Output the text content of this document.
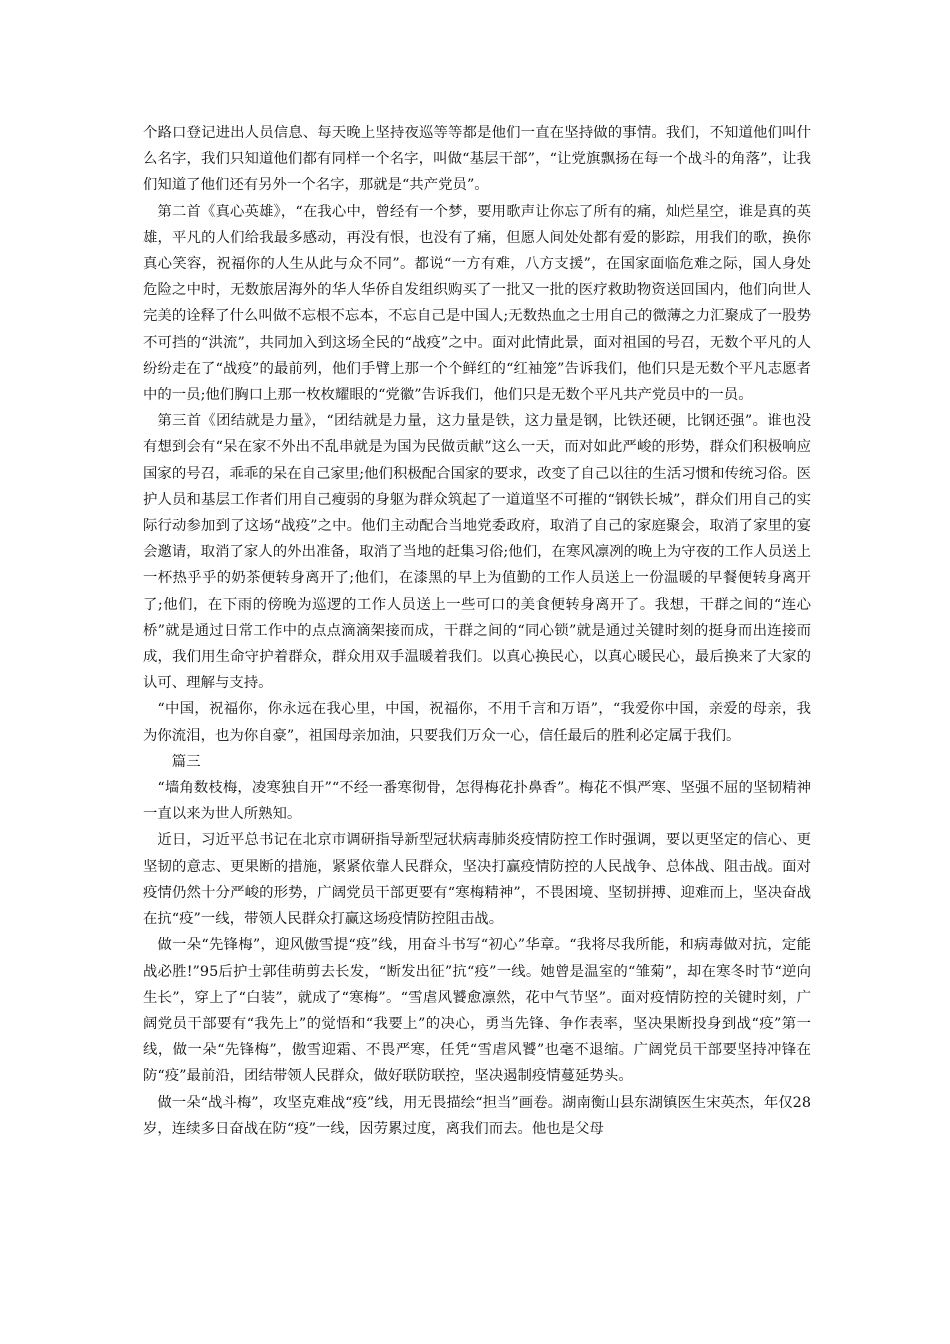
个路口登记进出人员信息、每天晚上坚持夜巡等等都是他们一直在坚持做的事情。我们，不知道他们叫什么名字，我们只知道他们都有同样一个名字，叫做“基层干部”，“让党旗飘扬在每一个战斗的角落”，让我们知道了他们还有另外一个名字，那就是“共产党员”。

第二首《真心英雄》，“在我心中，曾经有一个梦，要用歌声让你忘了所有的痛，灿烂星空，谁是真的英雄，平凡的人们给我最多感动，再没有恨，也没有了痛，但愿人间处处都有爱的影踪，用我们的歌，换你真心笑容，祝福你的人生从此与众不同”。都说“一方有难，八方支援”，在国家面临危难之际，国人身处危险之中时，无数旅居海外的华人华侨自发组织购买了一批又一批的医疗救助物资送回国内，他们向世人完美的诠释了什么叫做不忘根不忘本，不忘自己是中国人;无数热血之士用自己的微薄之力汇聚成了一股势不可挡的“洪流”，共同加入到这场全民的“战疫”之中。面对此情此景，面对祖国的号召，无数个平凡的人纷纷走在了“战疫”的最前列，他们手臂上那一个个鲜红的“红袖笼”告诉我们，他们只是无数个平凡志愿者中的一员;他们胸口上那一枚枚耀眼的“党徽”告诉我们，他们只是无数个平凡共产党员中的一员。

第三首《团结就是力量》，“团结就是力量，这力量是铁，这力量是钢，比铁还硬，比钢还强”。谁也没有想到会有“呆在家不外出不乱串就是为国为民做贡献”这么一天，而对如此严峻的形势，群众们积极响应国家的号召，乖乖的呆在自己家里;他们积极配合国家的要求，改变了自己以往的生活习惯和传统习俗。医护人员和基层工作者们用自己瘦弱的身躯为群众筑起了一道道坚不可摧的“钢铁长城”，群众们用自己的实际行动参加到了这场“战疫”之中。他们主动配合当地党委政府，取消了自己的家庭聚会，取消了家里的宴会邀请，取消了家人的外出准备，取消了当地的赶集习俗;他们，在寒风凛冽的晚上为守夜的工作人员送上一杯热乎乎的奶茶便转身离开了;他们，在漆黑的早上为值勤的工作人员送上一份温暖的早餐便转身离开了;他们，在下雨的傍晚为巡逻的工作人员送上一些可口的美食便转身离开了。我想，干群之间的“连心桥”就是通过日常工作中的点点滴滴架接而成，干群之间的“同心锁”就是通过关键时刻的挺身而出连接而成，我们用生命守护着群众，群众用双手温暖着我们。以真心换民心，以真心暖民心，最后换来了大家的认可、理解与支持。

“中国，祝福你，你永远在我心里，中国，祝福你，不用千言和万语”，“我爱你中国，亲爱的母亲，我为你流泪，也为你自豪”，祖国母亲加油，只要我们万众一心，信任最后的胜利必定属于我们。

篇三

“墙角数枝梅，凌寒独自开”“不经一番寒彻骨，怎得梅花扑鼻香”。梅花不惧严寒、坚强不屈的坚韧精神一直以来为世人所熟知。

近日，习近平总书记在北京市调研指导新型冠状病毒肺炎疫情防控工作时强调，要以更坚定的信心、更坚韧的意志、更果断的措施，紧紧依靠人民群众，坚决打赢疫情防控的人民战争、总体战、阻击战。面对疫情仍然十分严峻的形势，广阔党员干部更要有“寒梅精神”，不畏困境、坚韧拼搏、迎难而上，坚决奋战在抗“疫”一线，带领人民群众打赢这场疫情防控阻击战。

做一朵“先锋梅”，迎风傲雪提“疫”线，用奋斗书写“初心”华章。“我将尽我所能，和病毒做对抗，定能战必胜!”95后护士郭佳萌剪去长发，“断发出征”抗“疫”一线。她曾是温室的“雏菊”，却在寒冬时节“逆向生长”，穿上了“白装”，就成了“寒梅”。“雪虐风饕愈凛然，花中气节坚”。面对疫情防控的关键时刻，广阔党员干部要有“我先上”的觉悟和“我要上”的决心，勇当先锋、争作表率，坚决果断投身到战“疫”第一线，做一朵“先锋梅”，傲雪迎霜、不畏严寒，任凭“雪虐风饕”也毫不退缩。广阔党员干部要坚持冲锋在防“疫”最前沿，团结带领人民群众，做好联防联控，坚决遏制疫情蔓延势头。

做一朵“战斗梅”，攻坚克难战“疫”线，用无畏描绘“担当”画卷。湖南衡山县东湖镇医生宋英杰，年仅28岁，连续多日奋战在防“疫”一线，因劳累过度，离我们而去。他也是父母
